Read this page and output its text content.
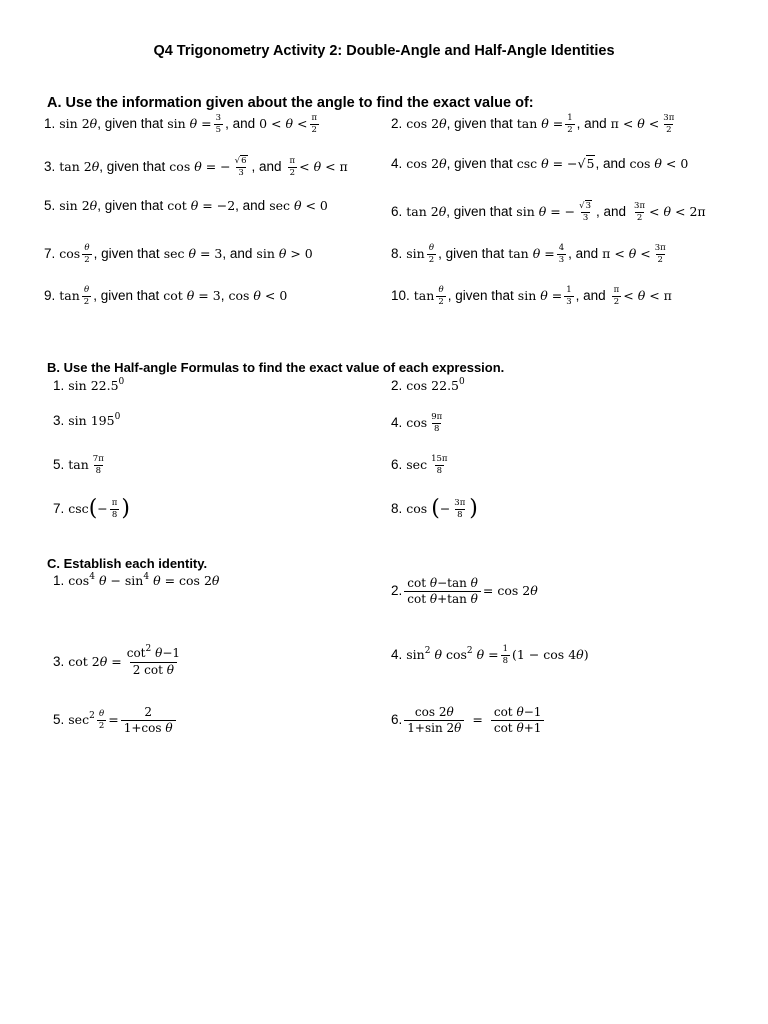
Q4 Trigonometry Activity 2: Double-Angle and Half-Angle Identities
A. Use the information given about the angle to find the exact value of:
1. sin 2θ , given that $\sin \theta = \frac{3}{5}$ , and $0 < \theta < \frac{\pi}{2}$	2. cos 2θ , given that $\tan \theta = \frac{1}{2}$ , and $\pi < \theta < \frac{3\pi}{2}$
3. tan 2θ , given that cos θ = − $\frac{√6}{3}$ , and $\frac{\pi}{2} < \theta < \pi$	4. cos 2θ , given that csc θ = −√5 , and cos θ < 0
5. sin 2θ , given that cot θ = −2 , and sec θ < 0	6. tan 2θ , given that sin θ = − $\frac{√3}{3}$ , and $\frac{3\pi}{2} < \theta < 2\pi$
7. $\cos \frac{\theta}{2}$ , given that sec θ = 3 , and sin θ > 0	8. $\sin \frac{\theta}{2}$ , given that $\tan \theta = \frac{4}{3}$ , and $\pi < \theta < \frac{3\pi}{2}$
9. $\tan \frac{\theta}{2}$ , given that cot θ = 3 , cos θ < 0	10. $\tan \frac{\theta}{2}$ , given that $\sin \theta = \frac{1}{3}$ , and $\frac{\pi}{2} < \theta < \pi$
B. Use the Half-angle Formulas to find the exact value of each expression.
1. sin 22.5$^0$	2. cos 22.5$^0$
3. $\sin 195^0$	4. $\cos \frac{9\pi}{8}$
5. $\tan \frac{7\pi}{8}$	6. $\sec \frac{15\pi}{8}$
7. csc ( − $\frac{\pi}{8}$ )	8. cos ( − $\frac{3\pi}{8}$ )
C. Establish each identity.
1. $\cos^4 \theta - \sin^4 \theta = \cos 2\theta$
2. $\frac{\text{cot θ−tan θ}}{\text{cot θ+tan θ}} = \cos 2\theta$
3. $\cot 2\theta = \frac{\cot^2 \theta-1}{\text{2 cot θ}}$	4. $\sin^2 \theta$ $\cos^2 \theta = \frac{1}{8} (1 - \cos 4\theta)$
5. $\sec^2 \frac{\theta}{2} = \frac{2}{\text{1+cos θ}}$	6. $\frac{\cos 2\theta}{1+\sin 2\theta} = \frac{\text{cot θ−1}}{\text{cot θ+1}}$
